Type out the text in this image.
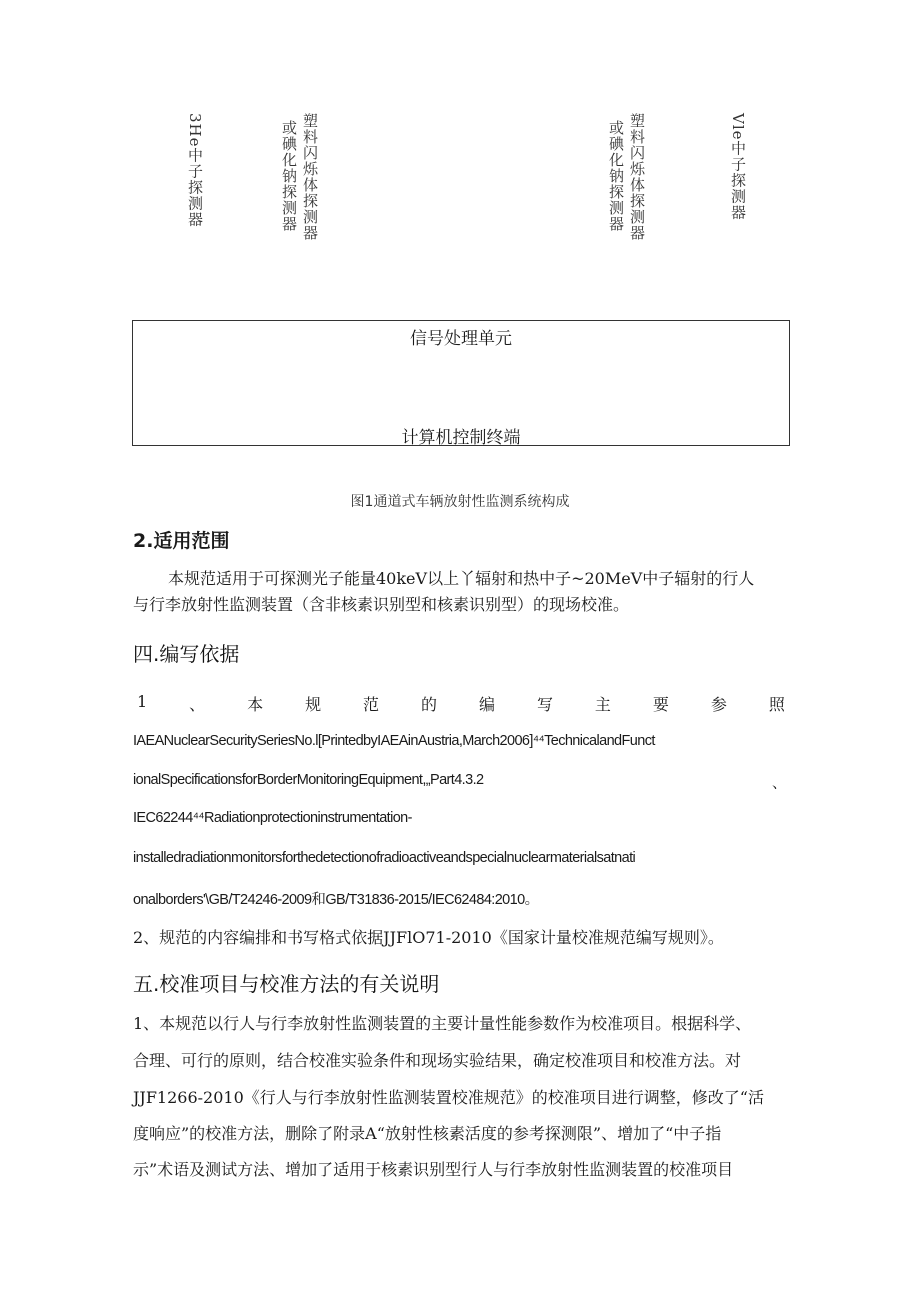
3He中子探测器	塑料闪烁体探测器
或碘化钠探测器	或碘化钠探测器 塑料闪烁体探测器	Vle中子探测器
信号处理单元
计算机控制终端
图1通道式车辆放射性监测系统构成
2.适用范围
本规范适用于可探测光子能量40keV以上丫辐射和热中子~20MeV中子辐射的行人
与行李放射性监测装置（含非核素识别型和核素识别型）的现场校准。
四.编写依据
1	、	本	规	范	的	编	写	主	要	参	照
IAEANuclearSecuritySeriesNo.l[PrintedbyIAEAinAustria,March2006]⁴⁴TechnicalandFunct
ionalSpecificationsforBorderMonitoringEquipment,„Part4.3.2	、
IEC62244⁴⁴Radiationprotectioninstrumentation-
installedradiationmonitorsforthedetectionofradioactiveandspecialnuclearmaterialsatnati
onalborders'\GB/T24246-2009和GB/T31836-2015/IEC62484:2010。
2、规范的内容编排和书写格式依据JJFlO71-2010《国家计量校准规范编写规则》。
五.校准项目与校准方法的有关说明
1、本规范以行人与行李放射性监测装置的主要计量性能参数作为校准项目。根据科学、
合理、可行的原则，结合校准实验条件和现场实验结果，确定校准项目和校准方法。对
JJF1266-2010《行人与行李放射性监测装置校准规范》的校准项目进行调整，修改了“活
度响应”的校准方法，删除了附录A“放射性核素活度的参考探测限”、增加了“中子指
示”术语及测试方法、增加了适用于核素识别型行人与行李放射性监测装置的校准项目
